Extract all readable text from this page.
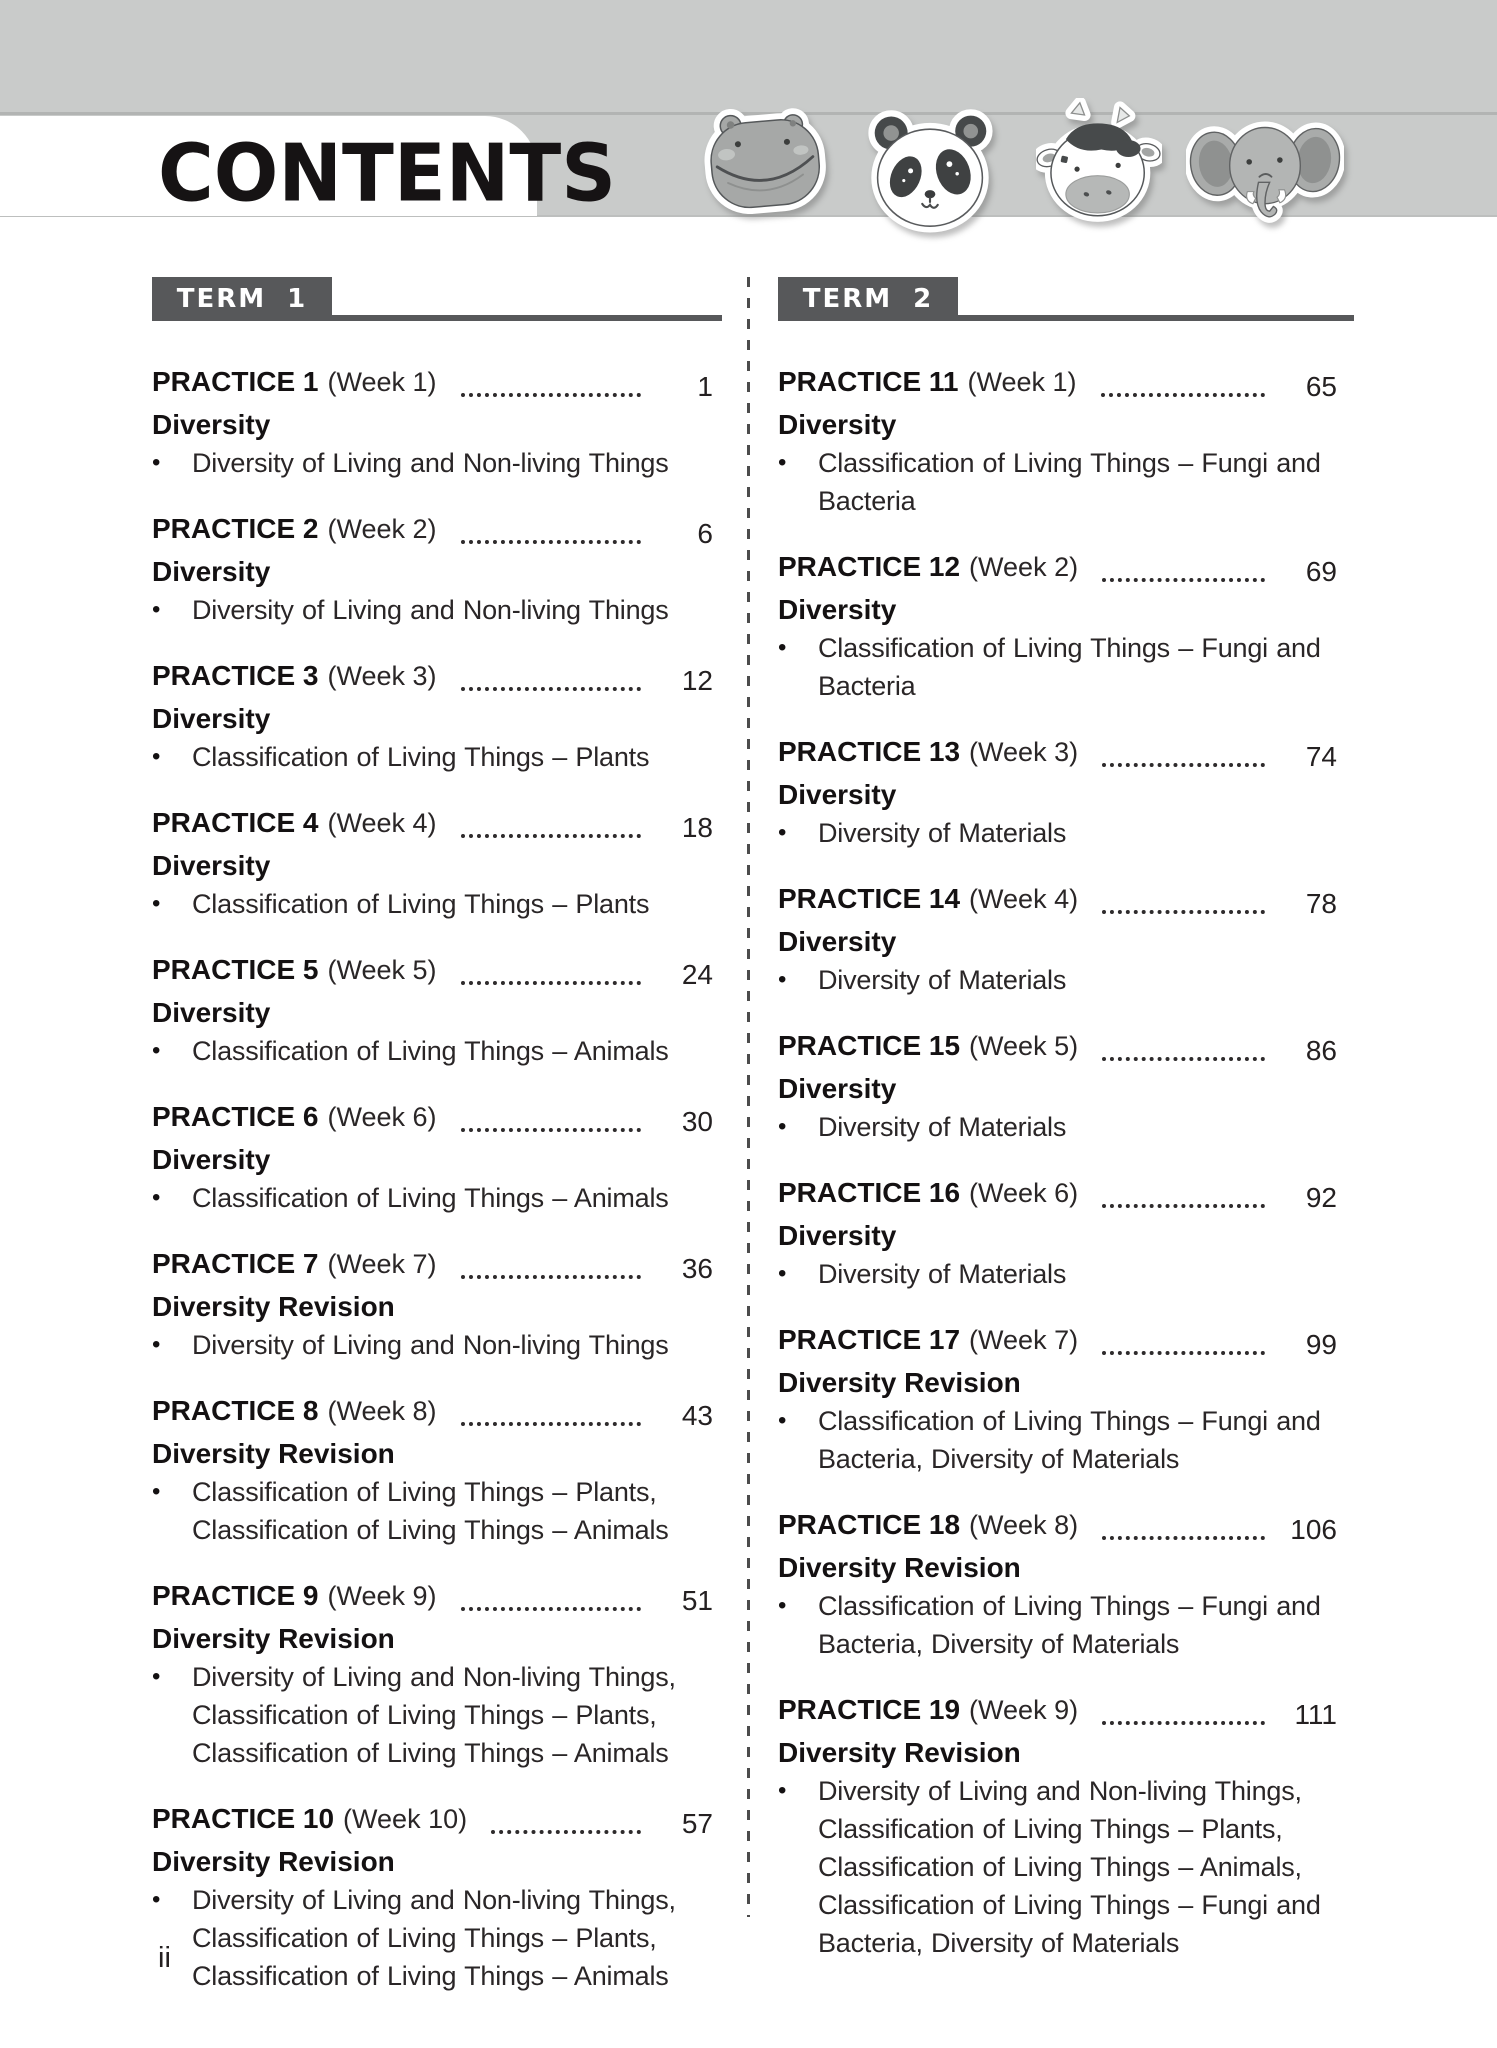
CONTENTS
TERM 1
PRACTICE 1 (Week 1)	1
Diversity
•	Diversity of Living and Non-living Things
PRACTICE 2 (Week 2)	6
Diversity
•	Diversity of Living and Non-living Things
PRACTICE 3 (Week 3)	12
Diversity
•	Classification of Living Things – Plants
PRACTICE 4 (Week 4)	18
Diversity
•	Classification of Living Things – Plants
PRACTICE 5 (Week 5)	24
Diversity
•	Classification of Living Things – Animals
PRACTICE 6 (Week 6)	30
Diversity
•	Classification of Living Things – Animals
PRACTICE 7 (Week 7)	36
Diversity Revision
•	Diversity of Living and Non-living Things
PRACTICE 8 (Week 8)	43
Diversity Revision
•	Classification of Living Things – Plants,
Classification of Living Things – Animals
PRACTICE 9 (Week 9)	51
Diversity Revision
•	Diversity of Living and Non-living Things,
Classification of Living Things – Plants,
Classification of Living Things – Animals
PRACTICE 10 (Week 10)	57
Diversity Revision
•	Diversity of Living and Non-living Things,
Classification of Living Things – Plants,
Classification of Living Things – Animals
TERM 2
PRACTICE 11 (Week 1)	65
Diversity
•	Classification of Living Things – Fungi and
Bacteria
PRACTICE 12 (Week 2)	69
Diversity
•	Classification of Living Things – Fungi and
Bacteria
PRACTICE 13 (Week 3)	74
Diversity
•	Diversity of Materials
PRACTICE 14 (Week 4)	78
Diversity
•	Diversity of Materials
PRACTICE 15 (Week 5)	86
Diversity
•	Diversity of Materials
PRACTICE 16 (Week 6)	92
Diversity
•	Diversity of Materials
PRACTICE 17 (Week 7)	99
Diversity Revision
•	Classification of Living Things – Fungi and
Bacteria, Diversity of Materials
PRACTICE 18 (Week 8)	106
Diversity Revision
•	Classification of Living Things – Fungi and
Bacteria, Diversity of Materials
PRACTICE 19 (Week 9)	111
Diversity Revision
•	Diversity of Living and Non-living Things,
Classification of Living Things – Plants,
Classification of Living Things – Animals,
Classification of Living Things – Fungi and
Bacteria, Diversity of Materials
ii
